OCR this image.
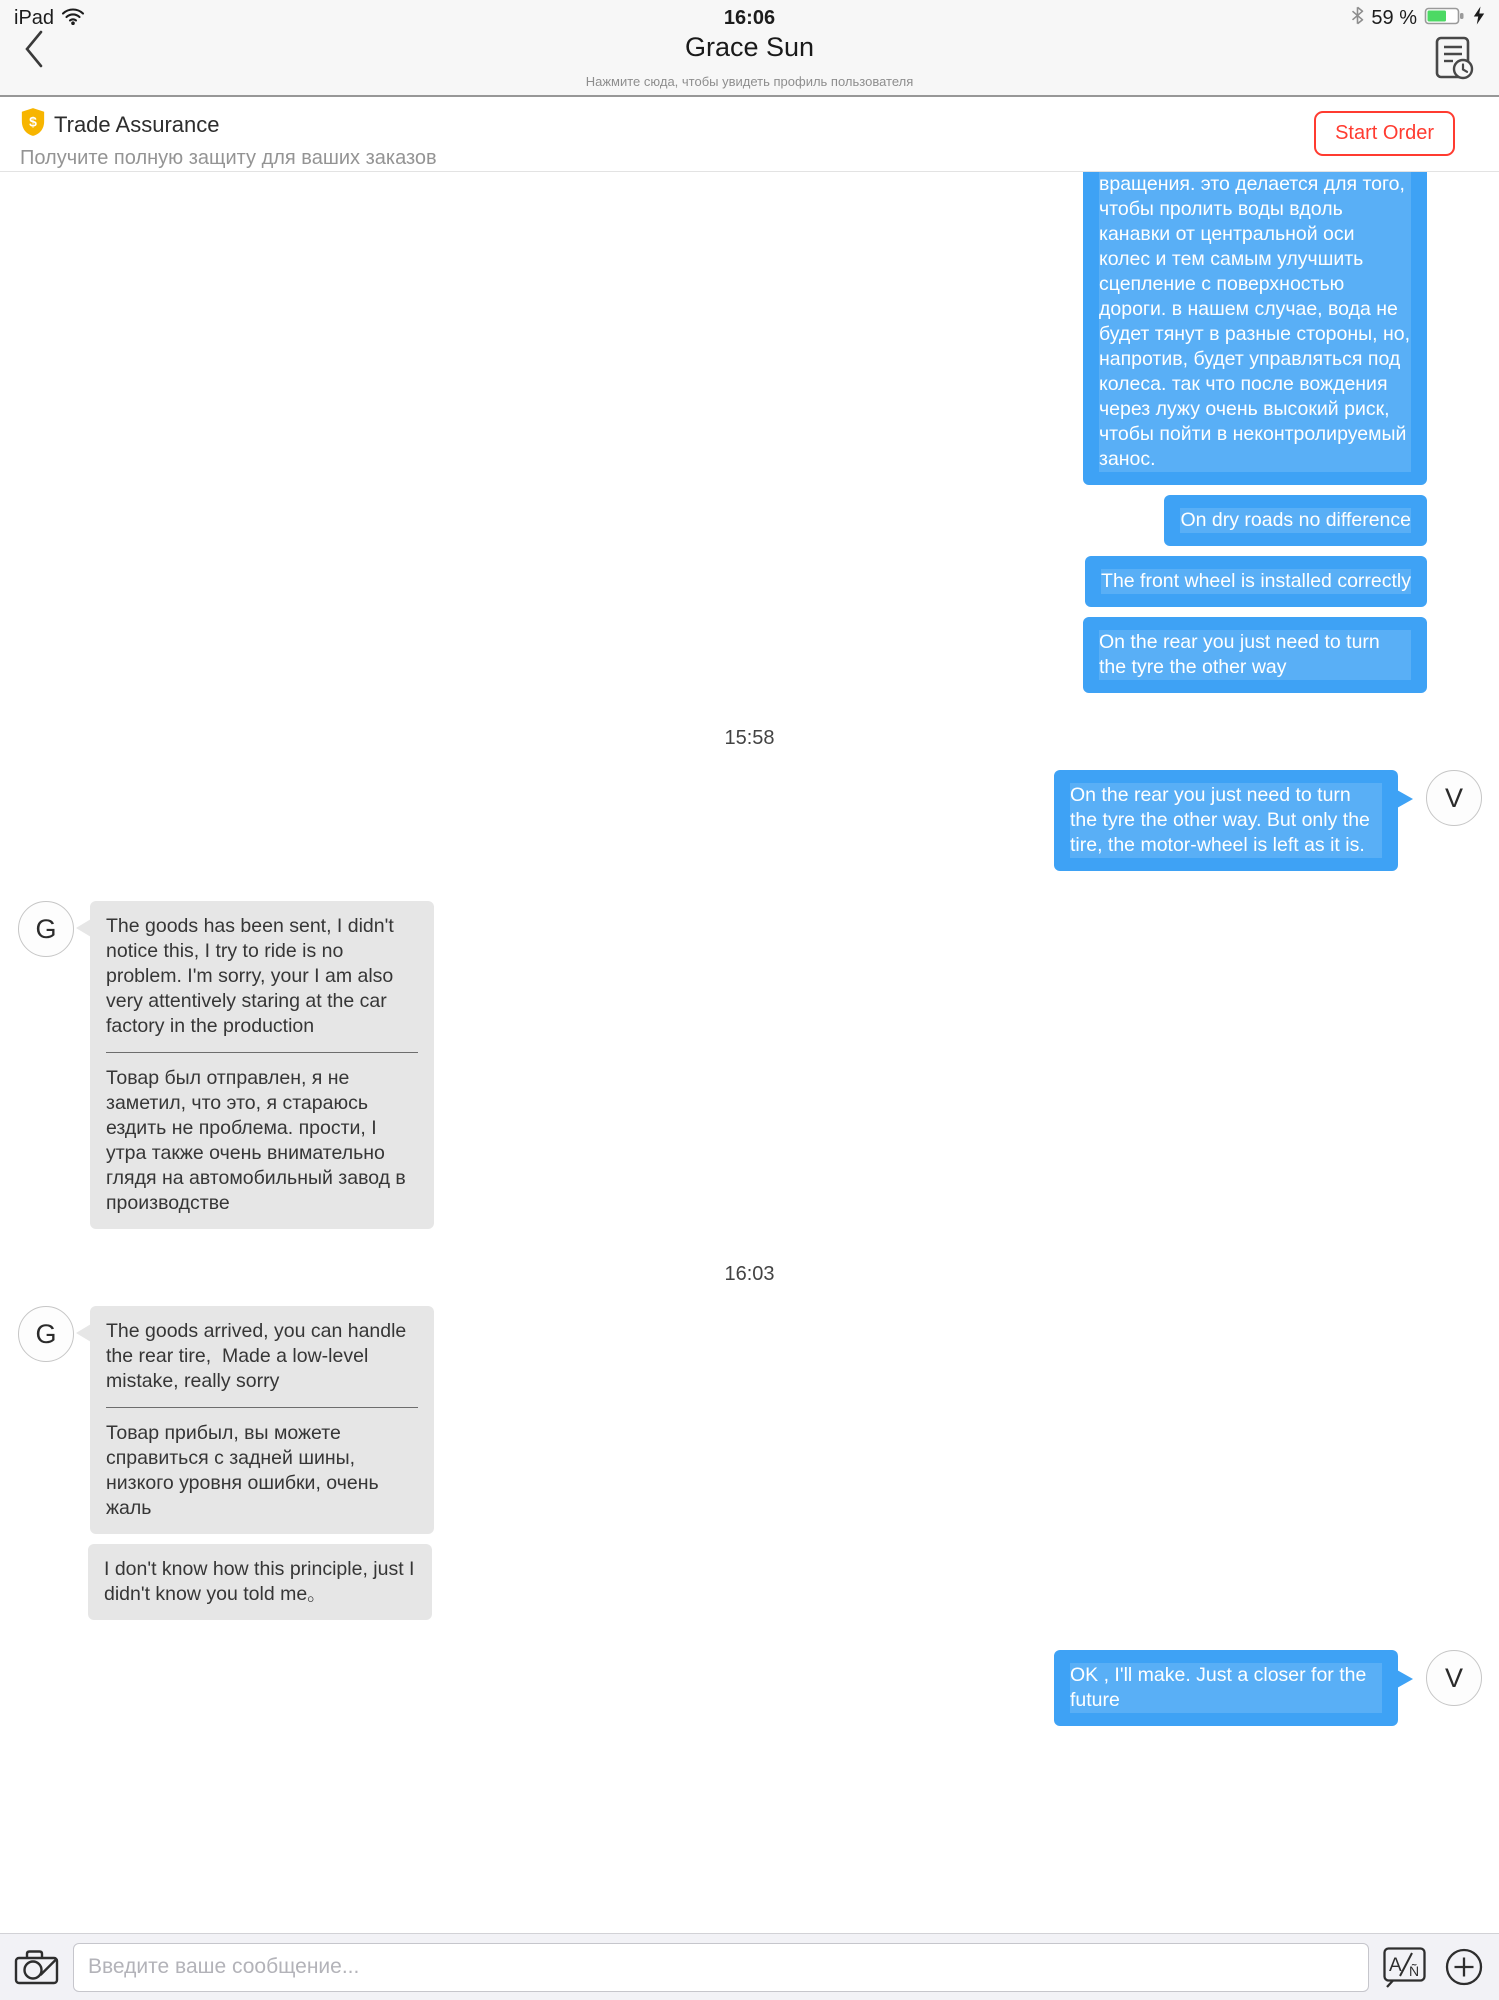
iPad	16:06	59 %
Grace Sun
Нажмите сюда, чтобы увидеть профиль пользователя
$ Trade Assurance
Получите полную защиту для ваших заказов
Start Order
вращения. это делается для того, чтобы пролить воды вдоль канавки от центральной оси колес и тем самым улучшить сцепление с поверхностью дороги. в нашем случае, вода не будет тянут в разные стороны, но, напротив, будет управляться под колеса. так что после вождения через лужу очень высокий риск, чтобы пойти в неконтролируемый занос.
On dry roads no difference
The front wheel is installed correctly
On the rear you just need to turn the tyre the other way
15:58
On the rear you just need to turn the tyre the other way. But only the tire, the motor-wheel is left as it is.
V
G	The goods has been sent, I didn't notice this, I try to ride is no problem. I'm sorry, your I am also very attentively staring at the car factory in the production
Товар был отправлен, я не заметил, что это, я стараюсь ездить не проблема. прости, I утра также очень внимательно глядя на автомобильный завод в производстве
16:03
G	The goods arrived, you can handle the rear tire,  Made a low-level mistake, really sorry
Товар прибыл, вы можете справиться с задней шины, низкого уровня ошибки, очень жаль
I don't know how this principle, just I didn't know you told me。
OK , I'll make. Just a closer for the future
V
Введите ваше сообщение...
A Ñ
